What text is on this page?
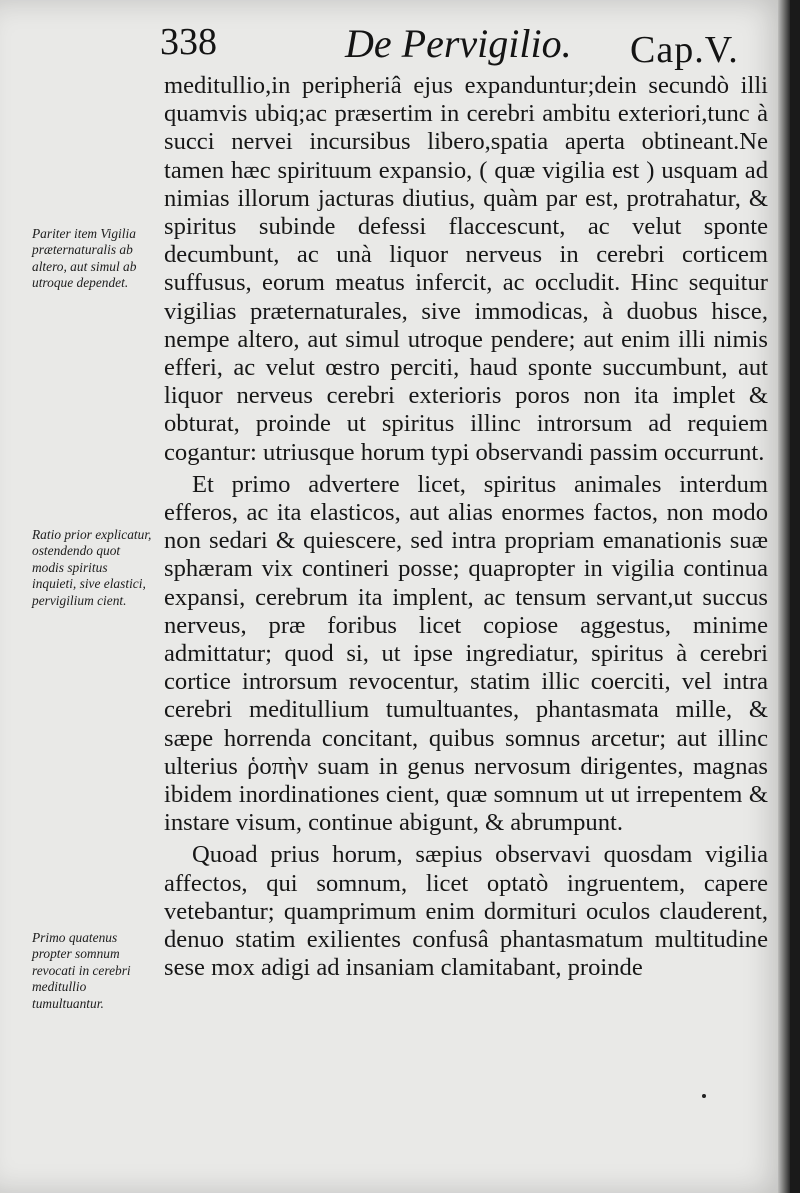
338	De Pervigilio. Cap.V.

meditullio,in peripheriâ ejus expanduntur;dein secundò illi quamvis ubiq;ac præsertim in cerebri ambitu exteriori,tunc à succi nervei incursibus libero,spatia aperta obtineant.Ne tamen hæc spirituum expansio, ( quæ vigilia est ) usquam ad nimias illorum jacturas diutius, quàm par est, protrahatur, & spiritus subinde defessi flaccescunt, ac velut sponte decumbunt, ac unà liquor nerveus in cerebri corticem suffusus, eorum meatus infercit, ac occludit. Hinc sequitur vigilias præternaturales, sive immodicas, à duobus hisce, nempe altero, aut simul utroque pendere; aut enim illi nimis efferi, ac velut œstro perciti, haud sponte succumbunt, aut liquor nerveus cerebri exterioris poros non ita implet & obturat, proinde ut spiritus illinc introrsum ad requiem cogantur: utriusque horum typi observandi passim occurrunt.

Et primo advertere licet, spiritus animales interdum efferos, ac ita elasticos, aut alias enormes factos, non modo non sedari & quiescere, sed intra propriam emanationis suæ sphæram vix contineri posse; quapropter in vigilia continua expansi, cerebrum ita implent, ac tensum servant,ut succus nerveus, præ foribus licet copiose aggestus, minime admittatur; quod si, ut ipse ingrediatur, spiritus à cerebri cortice introrsum revocentur, statim illic coerciti, vel intra cerebri meditullium tumultuantes, phantasmata mille, & sæpe horrenda concitant, quibus somnus arcetur; aut illinc ulterius ῥοπὴν suam in genus nervosum dirigentes, magnas ibidem inordinationes cient, quæ somnum ut ut irrepentem & instare visum, continue abigunt, & abrumpunt.

Quoad prius horum, sæpius observavi quosdam vigilia affectos, qui somnum, licet optatò ingruentem, capere vetebantur; quamprimum enim dormituri oculos clauderent, denuo statim exilientes confusâ phantasmatum multitudine sese mox adigi ad insaniam clamitabant, proinde

Pariter item Vigilia præternaturalis ab altero, aut simul ab utroque dependet.
Ratio prior explicatur, ostendendo quot modis spiritus inquieti, sive elastici, pervigilium cient.
Primo quatenus propter somnum revocati in cerebri meditullio tumultuantur.
